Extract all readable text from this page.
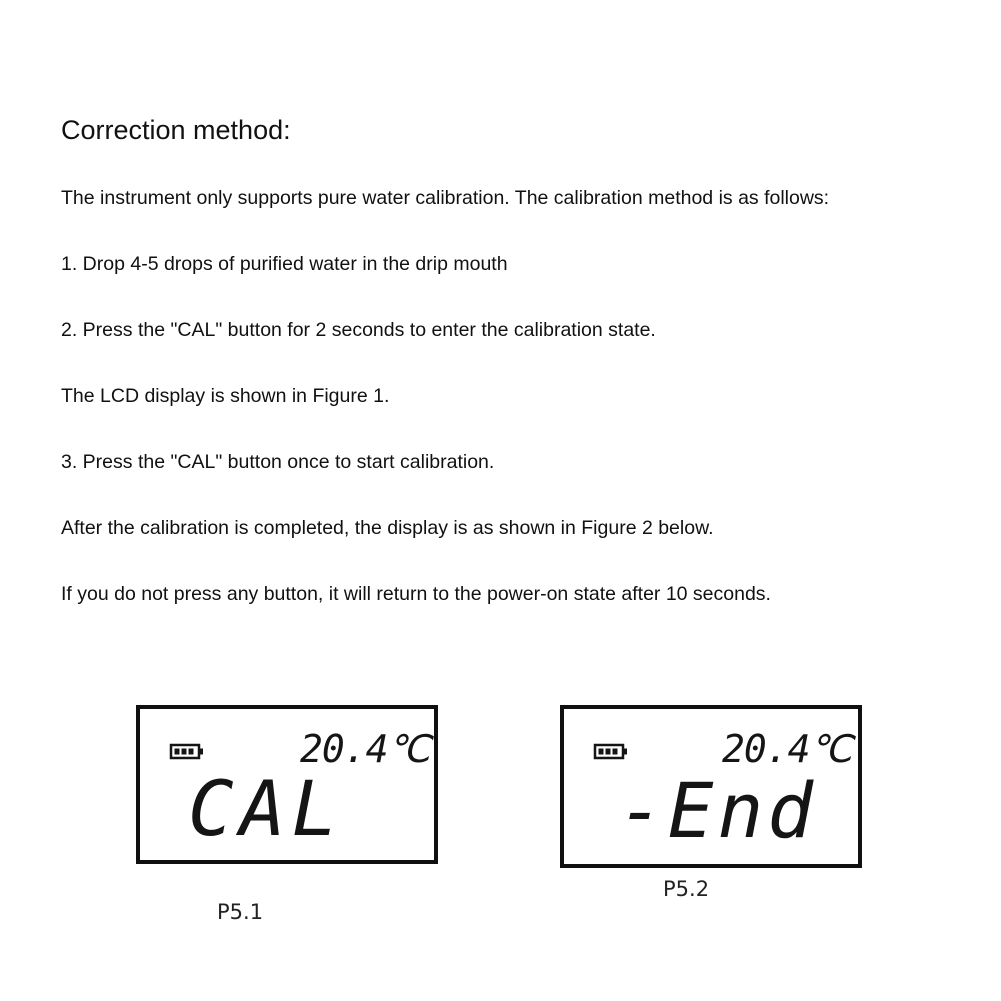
Correction method:
The instrument only supports pure water calibration. The calibration method is as follows:
1. Drop 4-5 drops of purified water in the drip mouth
2. Press the "CAL" button for 2 seconds to enter the calibration state.
The LCD display is shown in Figure 1.
3. Press the "CAL" button once to start calibration.
After the calibration is completed, the display is as shown in Figure 2 below.
If you do not press any button, it will return to the power-on state after 10 seconds.
20.4℃
CAL
P5.1
20.4℃
-End
P5.2
